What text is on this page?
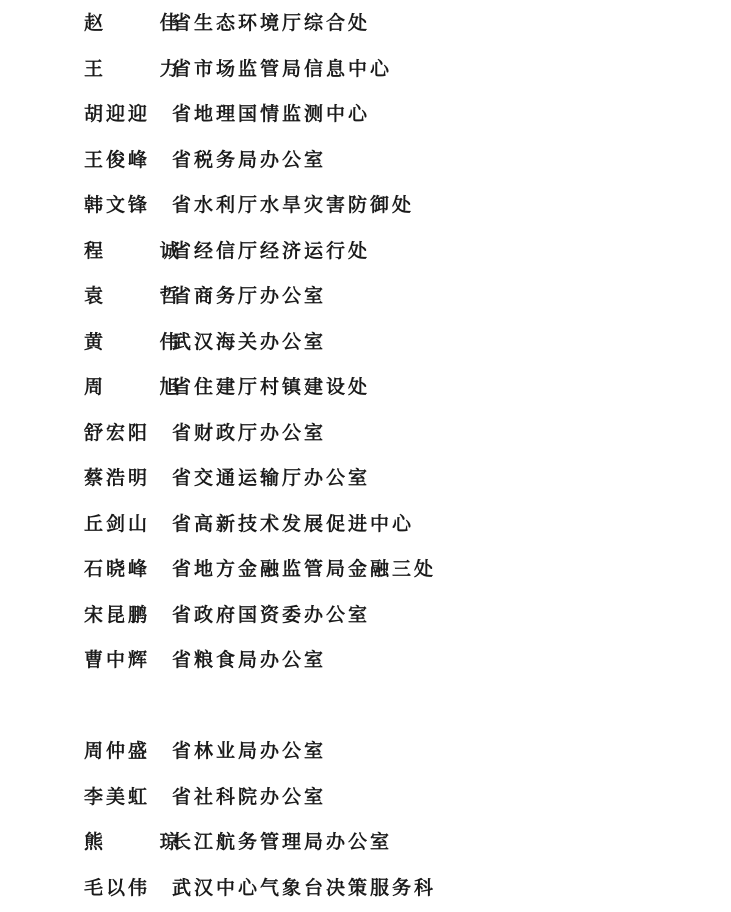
赵 佳
省生态环境厅综合处
王 力
省市场监管局信息中心
胡迎迎 省地理国情监测中心
王俊峰 省税务局办公室
韩文锋 省水利厅水旱灾害防御处
程 诚
省经信厅经济运行处
袁 哲
省商务厅办公室
黄 伟
武汉海关办公室
周 旭
省住建厅村镇建设处
舒宏阳 省财政厅办公室
蔡浩明 省交通运输厅办公室
丘剑山 省高新技术发展促进中心
石晓峰 省地方金融监管局金融三处
宋昆鹏 省政府国资委办公室
曹中辉 省粮食局办公室
周仲盛 省林业局办公室
李美虹 省社科院办公室
熊 琼
长江航务管理局办公室
毛以伟 武汉中心气象台决策服务科
